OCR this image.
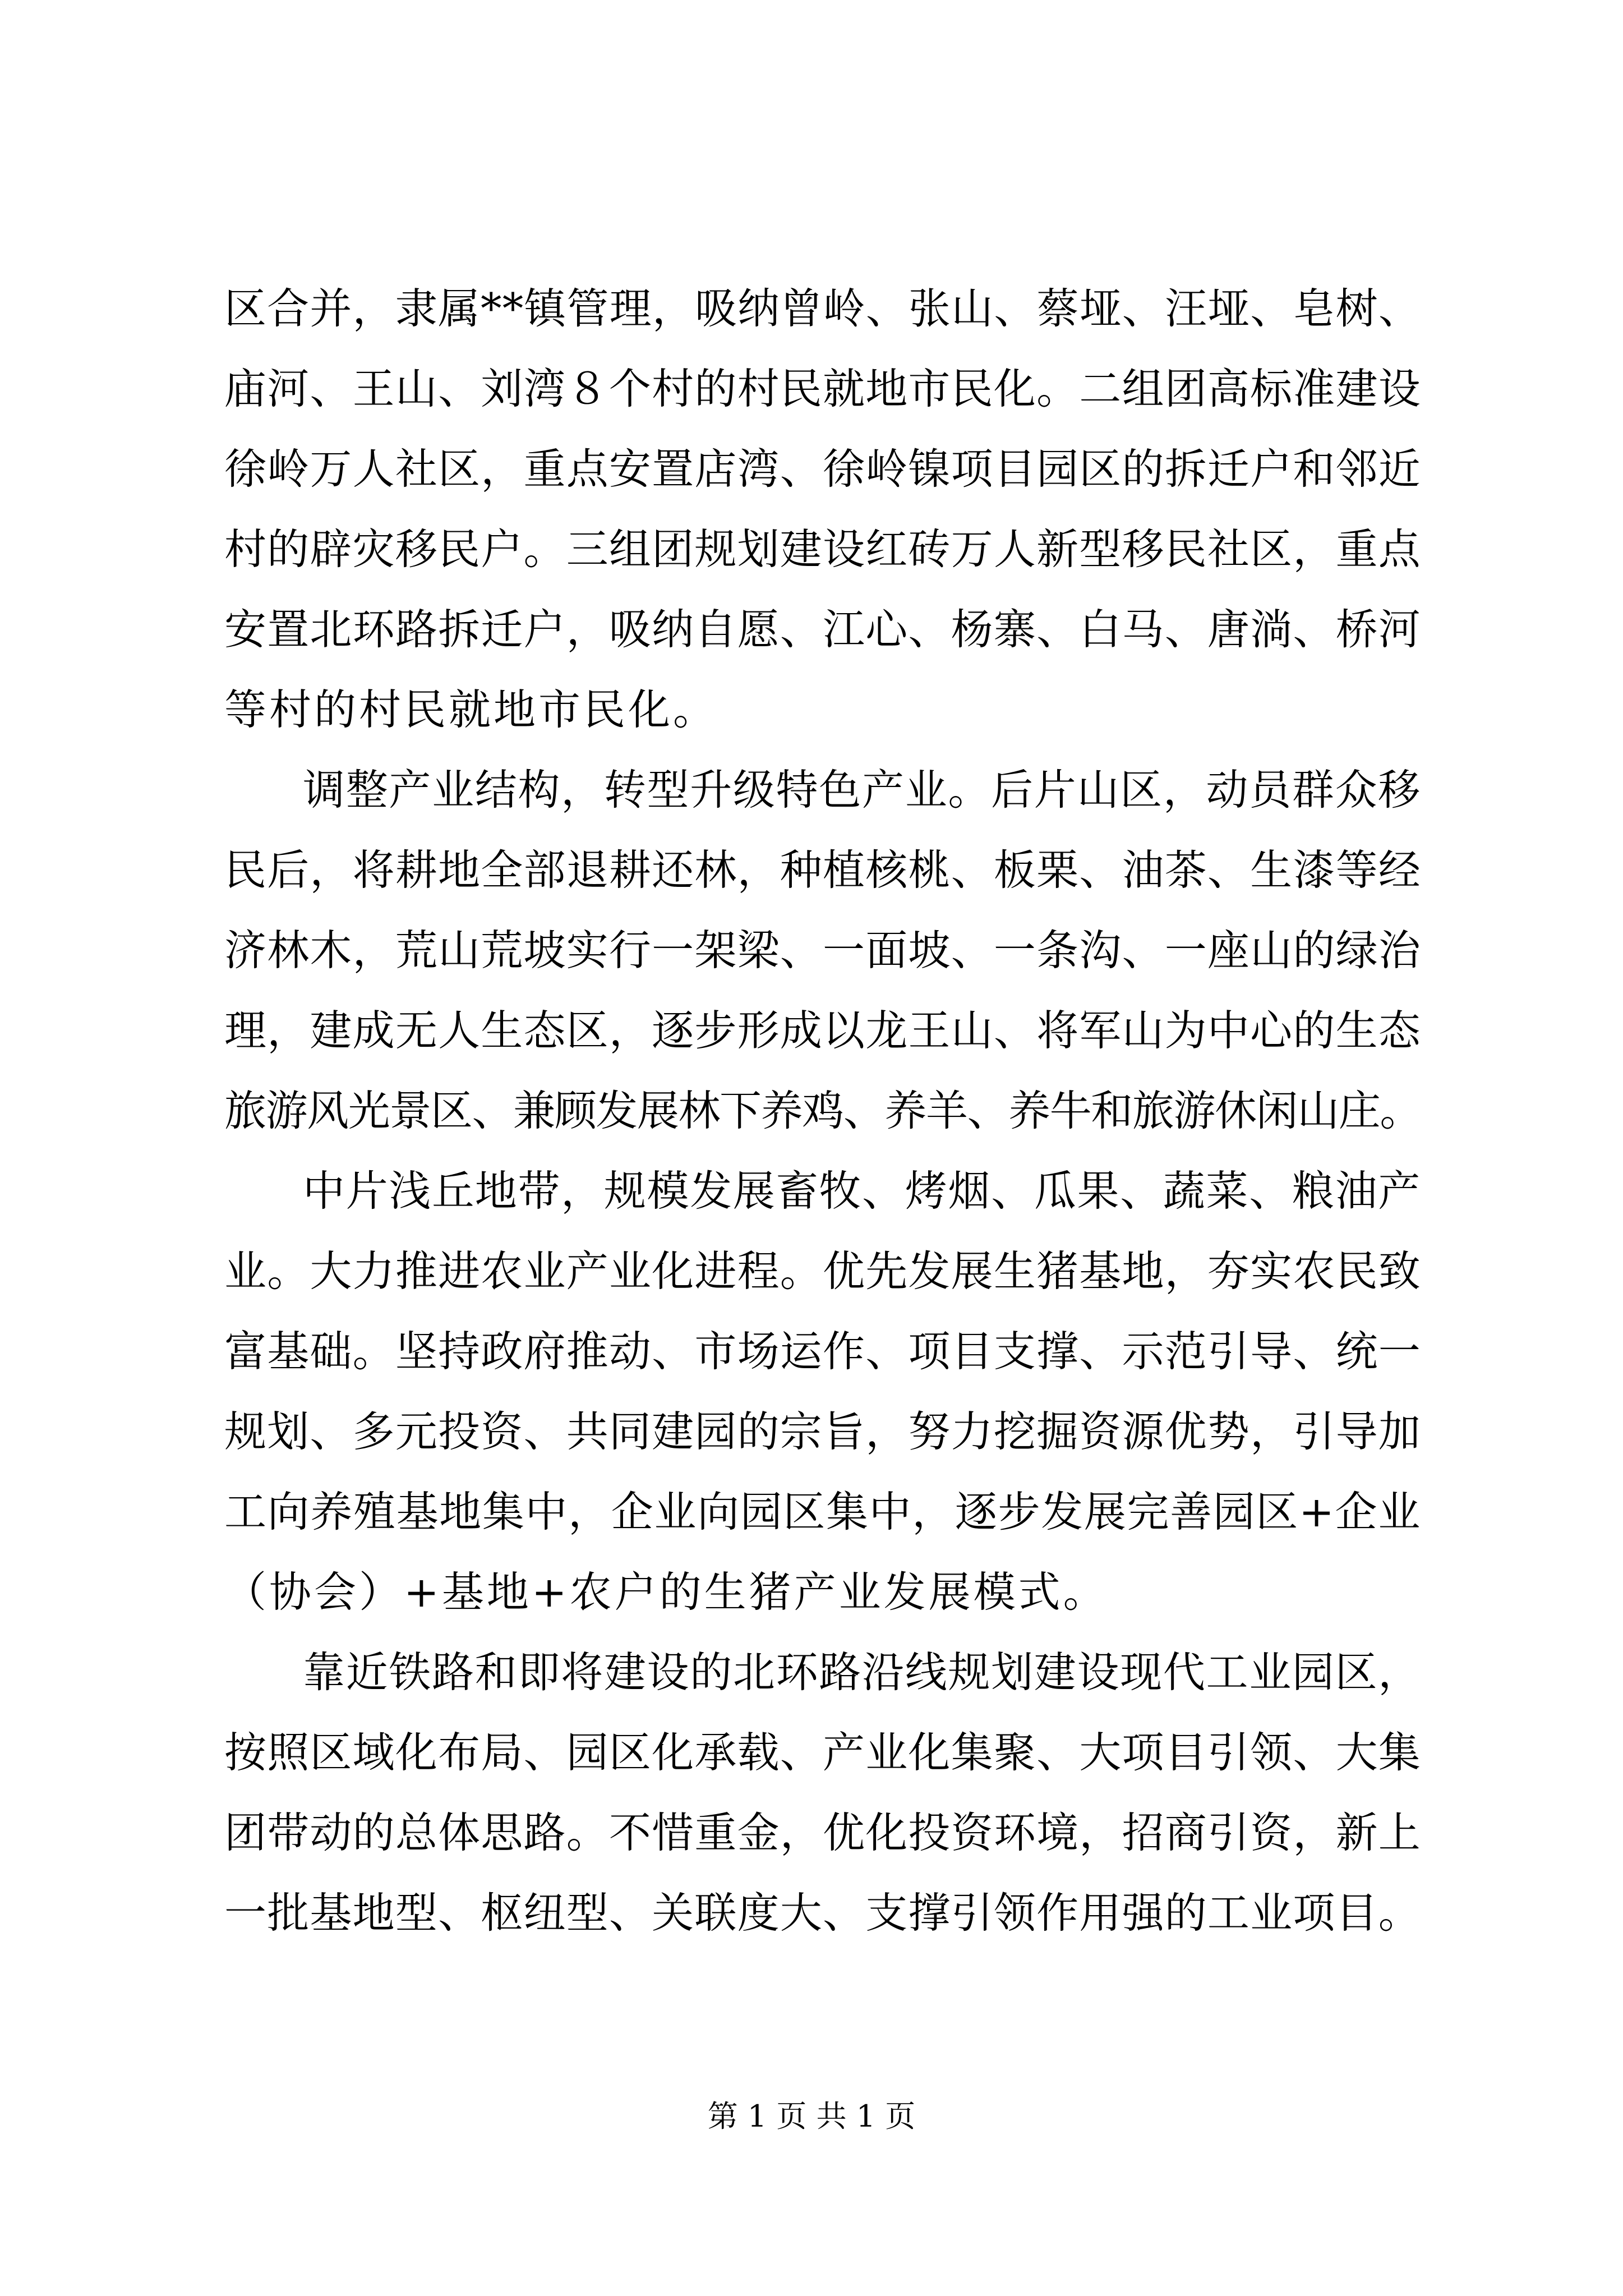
区合并，隶属**镇管理，吸纳曾岭、张山、蔡垭、汪垭、皂树、
庙河、王山、刘湾８个村的村民就地市民化。二组团高标准建设
徐岭万人社区，重点安置店湾、徐岭镍项目园区的拆迁户和邻近
村的辟灾移民户。三组团规划建设红砖万人新型移民社区，重点
安置北环路拆迁户，吸纳自愿、江心、杨寨、白马、唐淌、桥河
等村的村民就地市民化。
调整产业结构，转型升级特色产业。后片山区，动员群众移
民后，将耕地全部退耕还林，种植核桃、板栗、油茶、生漆等经
济林木，荒山荒坡实行一架梁、一面坡、一条沟、一座山的绿治
理，建成无人生态区，逐步形成以龙王山、将军山为中心的生态
旅游风光景区、兼顾发展林下养鸡、养羊、养牛和旅游休闲山庄。
中片浅丘地带，规模发展畜牧、烤烟、瓜果、蔬菜、粮油产
业。大力推进农业产业化进程。优先发展生猪基地，夯实农民致
富基础。坚持政府推动、市场运作、项目支撑、示范引导、统一
规划、多元投资、共同建园的宗旨，努力挖掘资源优势，引导加
工向养殖基地集中，企业向园区集中，逐步发展完善园区+企业
（协会）+基地+农户的生猪产业发展模式。
靠近铁路和即将建设的北环路沿线规划建设现代工业园区，
按照区域化布局、园区化承载、产业化集聚、大项目引领、大集
团带动的总体思路。不惜重金，优化投资环境，招商引资，新上
一批基地型、枢纽型、关联度大、支撑引领作用强的工业项目。
第 1 页 共 1 页
